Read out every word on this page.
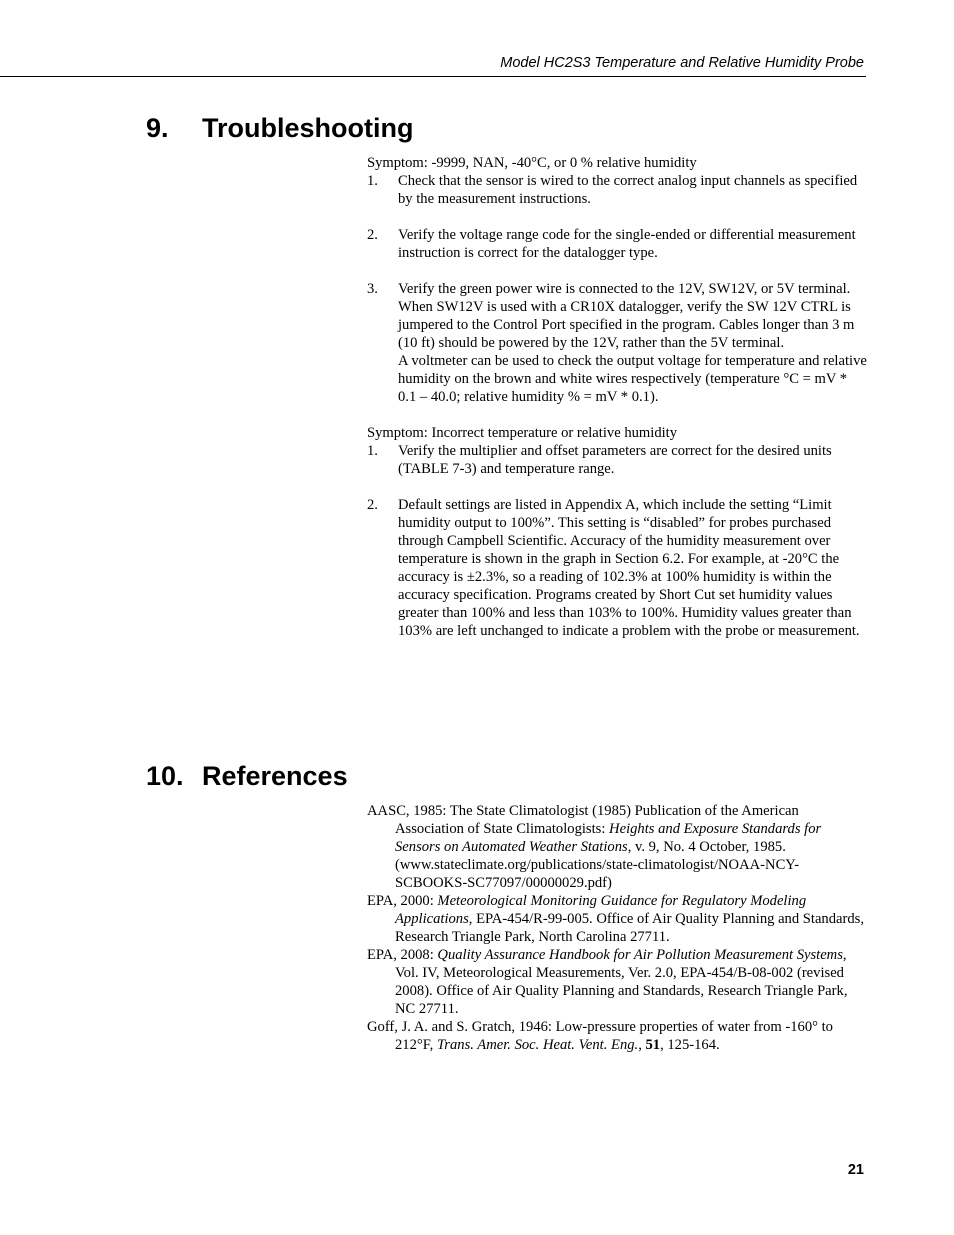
Model HC2S3 Temperature and Relative Humidity Probe
9. Troubleshooting

Symptom: -9999, NAN, -40°C, or 0 % relative humidity

1.	Check that the sensor is wired to the correct analog input channels as specified by the measurement instructions.
2.	Verify the voltage range code for the single-ended or differential measurement instruction is correct for the datalogger type.
3.	Verify the green power wire is connected to the 12V, SW12V, or 5V terminal. When SW12V is used with a CR10X datalogger, verify the SW 12V CTRL is jumpered to the Control Port specified in the program. Cables longer than 3 m (10 ft) should be powered by the 12V, rather than the 5V terminal.

A voltmeter can be used to check the output voltage for temperature and relative humidity on the brown and white wires respectively (temperature °C = mV * 0.1 – 40.0; relative humidity % = mV * 0.1).

Symptom: Incorrect temperature or relative humidity

1.	Verify the multiplier and offset parameters are correct for the desired units (TABLE 7-3) and temperature range.
2.	Default settings are listed in Appendix A, which include the setting “Limit humidity output to 100%”. This setting is “disabled” for probes purchased through Campbell Scientific. Accuracy of the humidity measurement over temperature is shown in the graph in Section 6.2. For example, at -20°C the accuracy is ±2.3%, so a reading of 102.3% at 100% humidity is within the accuracy specification. Programs created by Short Cut set humidity values greater than 100% and less than 103% to 100%. Humidity values greater than 103% are left unchanged to indicate a problem with the probe or measurement.
10. References

AASC, 1985: The State Climatologist (1985) Publication of the American Association of State Climatologists: Heights and Exposure Standards for Sensors on Automated Weather Stations, v. 9, No. 4 October, 1985. (www.stateclimate.org/publications/state-climatologist/NOAA-NCY-SCBOOKS-SC77097/00000029.pdf)

EPA, 2000: Meteorological Monitoring Guidance for Regulatory Modeling Applications, EPA-454/R-99-005. Office of Air Quality Planning and Standards, Research Triangle Park, North Carolina 27711.

EPA, 2008: Quality Assurance Handbook for Air Pollution Measurement Systems, Vol. IV, Meteorological Measurements, Ver. 2.0, EPA-454/B-08-002 (revised 2008). Office of Air Quality Planning and Standards, Research Triangle Park, NC 27711.

Goff, J. A. and S. Gratch, 1946: Low-pressure properties of water from -160° to 212°F, Trans. Amer. Soc. Heat. Vent. Eng., 51, 125-164.

21
